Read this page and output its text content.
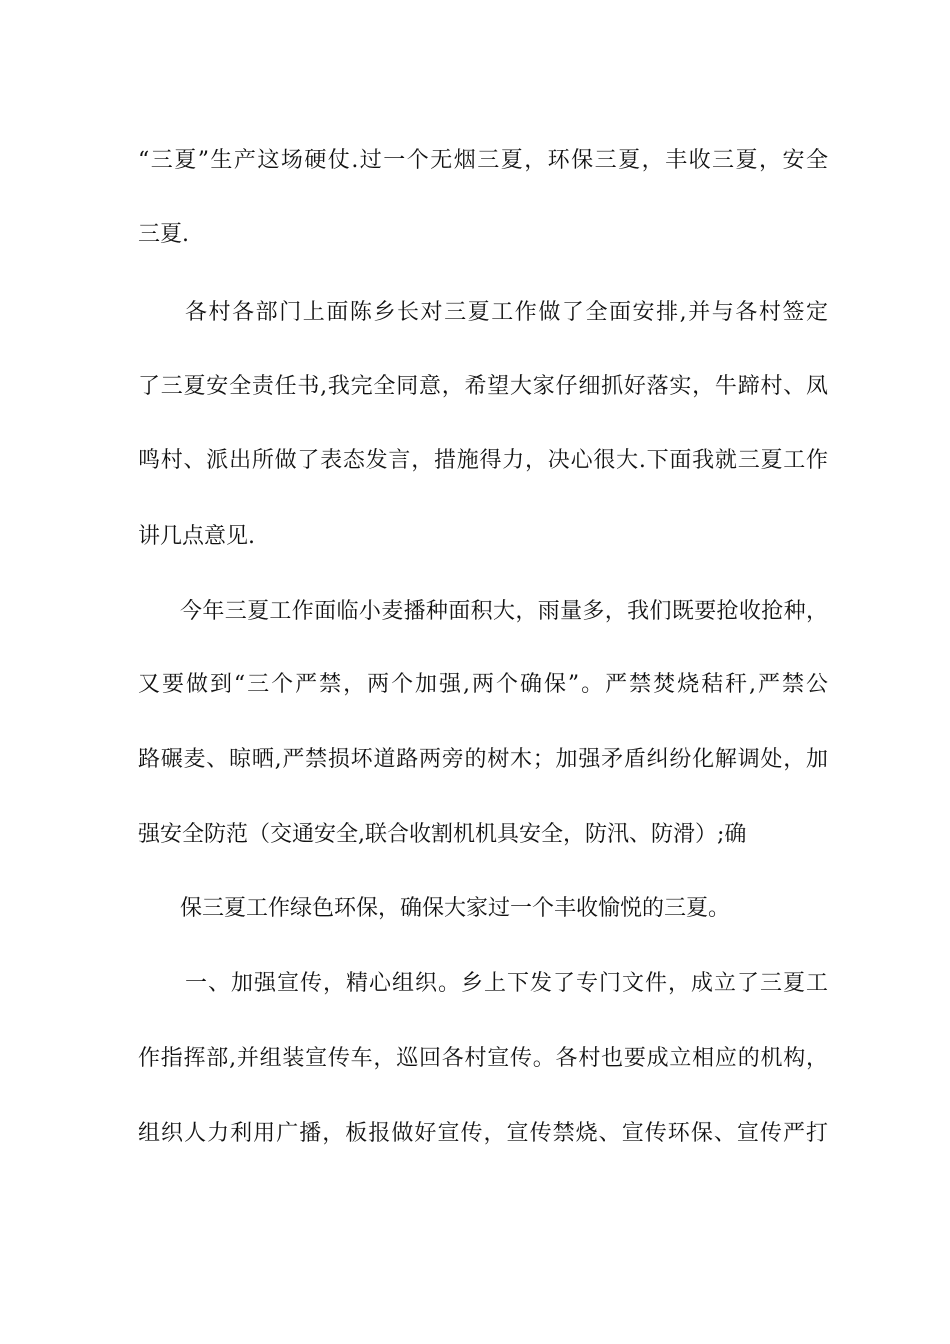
“三夏”生产这场硬仗.过一个无烟三夏，环保三夏，丰收三夏，安全
三夏.
各村各部门上面陈乡长对三夏工作做了全面安排,并与各村签定
了三夏安全责任书,我完全同意，希望大家仔细抓好落实，牛蹄村、凤
鸣村、派出所做了表态发言，措施得力，决心很大.下面我就三夏工作
讲几点意见.
今年三夏工作面临小麦播种面积大，雨量多，我们既要抢收抢种，
又要做到“三个严禁，两个加强,两个确保”。严禁焚烧秸秆,严禁公
路碾麦、晾晒,严禁损坏道路两旁的树木；加强矛盾纠纷化解调处，加
强安全防范（交通安全,联合收割机机具安全，防汛、防滑）;确
保三夏工作绿色环保，确保大家过一个丰收愉悦的三夏。
一、加强宣传，精心组织。乡上下发了专门文件，成立了三夏工
作指挥部,并组装宣传车，巡回各村宣传。各村也要成立相应的机构，
组织人力利用广播，板报做好宣传，宣传禁烧、宣传环保、宣传严打
